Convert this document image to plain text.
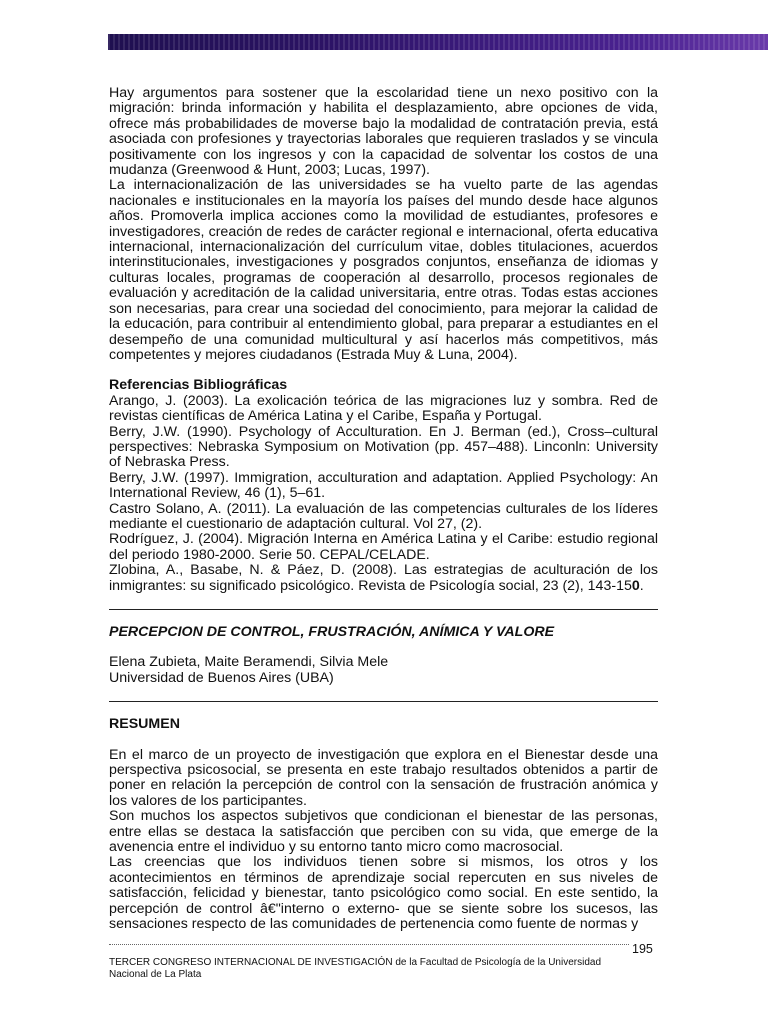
Hay argumentos para sostener que la escolaridad tiene un nexo positivo con la migración: brinda información y habilita el desplazamiento, abre opciones de vida, ofrece más probabilidades de moverse bajo la modalidad de contratación previa, está asociada con profesiones y trayectorias laborales que requieren traslados y se vincula positivamente con los ingresos y con la capacidad de solventar los costos de una mudanza (Greenwood & Hunt, 2003; Lucas, 1997).

La internacionalización de las universidades se ha vuelto parte de las agendas nacionales e institucionales en la mayoría los países del mundo desde hace algunos años. Promoverla implica acciones como la movilidad de estudiantes, profesores e investigadores, creación de redes de carácter regional e internacional, oferta educativa internacional, internacionalización del currículum vitae, dobles titulaciones, acuerdos interinstitucionales, investigaciones y posgrados conjuntos, enseñanza de idiomas y culturas locales, programas de cooperación al desarrollo, procesos regionales de evaluación y acreditación de la calidad universitaria, entre otras. Todas estas acciones son necesarias, para crear una sociedad del conocimiento, para mejorar la calidad de la educación, para contribuir al entendimiento global, para preparar a estudiantes en el desempeño de una comunidad multicultural y así hacerlos más competitivos, más competentes y mejores ciudadanos (Estrada Muy & Luna, 2004).

Referencias Bibliográficas

Arango, J. (2003). La exolicación teórica de las migraciones luz y sombra. Red de revistas científicas de América Latina y el Caribe, España y Portugal.

Berry, J.W. (1990). Psychology of Acculturation. En J. Berman (ed.), Cross–cultural perspectives: Nebraska Symposium on Motivation (pp. 457–488). Linconln: University of Nebraska Press.

Berry, J.W. (1997). Immigration, acculturation and adaptation. Applied Psychology: An International Review, 46 (1), 5–61.

Castro Solano, A. (2011). La evaluación de las competencias culturales de los líderes mediante el cuestionario de adaptación cultural. Vol 27, (2).

Rodríguez, J. (2004). Migración Interna en América Latina y el Caribe: estudio regional del periodo 1980-2000. Serie 50. CEPAL/CELADE.

Zlobina, A., Basabe, N. & Páez, D. (2008). Las estrategias de aculturación de los inmigrantes: su significado psicológico. Revista de Psicología social, 23 (2), 143-150.

PERCEPCION DE CONTROL, FRUSTRACIÓN, ANÍMICA Y VALORE

Elena Zubieta, Maite Beramendi, Silvia Mele

Universidad de Buenos Aires (UBA)

RESUMEN

En el marco de un proyecto de investigación que explora en el Bienestar desde una perspectiva psicosocial, se presenta en este trabajo resultados obtenidos a partir de poner en relación la percepción de control con la sensación de frustración anómica y los valores de los participantes.

Son muchos los aspectos subjetivos que condicionan el bienestar de las personas, entre ellas se destaca la satisfacción que perciben con su vida, que emerge de la avenencia entre el individuo y su entorno tanto micro como macrosocial.

Las creencias que los individuos tienen sobre si mismos, los otros y los acontecimientos en términos de aprendizaje social repercuten en sus niveles de satisfacción, felicidad y bienestar, tanto psicológico como social. En este sentido, la percepción de control â€"interno o externo- que se siente sobre los sucesos, las sensaciones respecto de las comunidades de pertenencia como fuente de normas y

195
TERCER CONGRESO INTERNACIONAL DE INVESTIGACIÓN de la Facultad de Psicología de la Universidad
Nacional de La Plata
